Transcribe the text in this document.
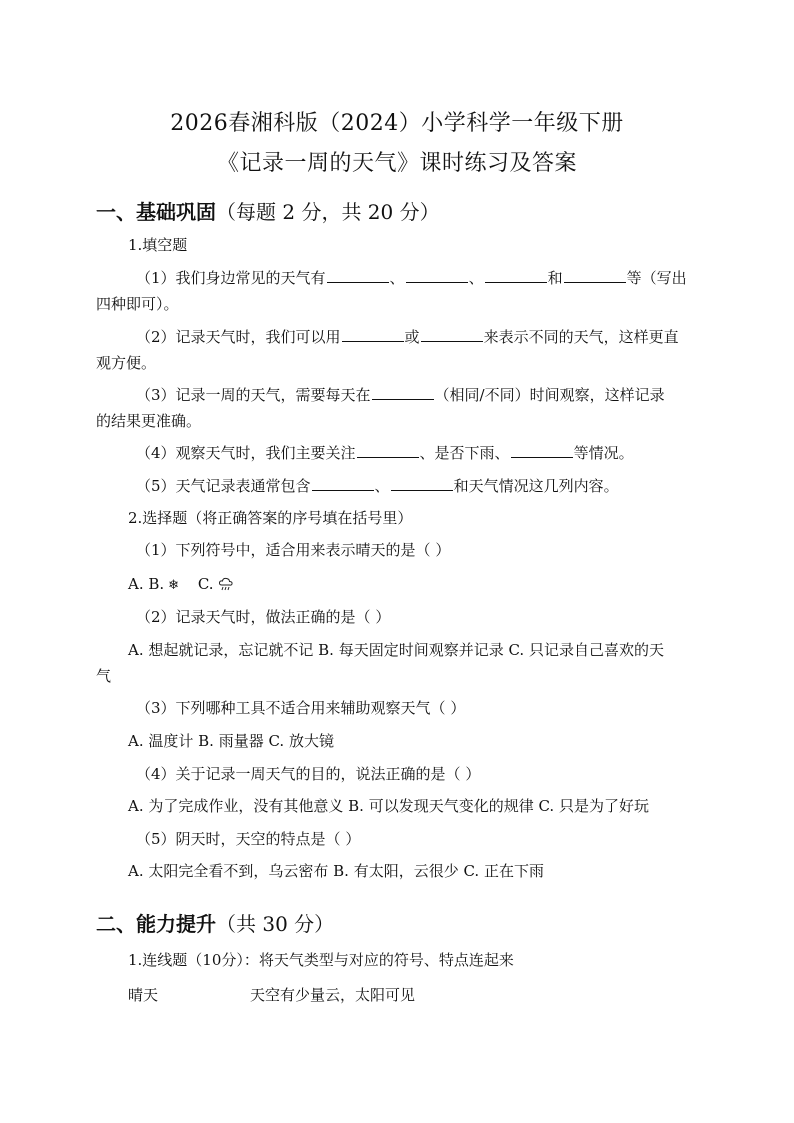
2026春湘科版（2024）小学科学一年级下册
《记录一周的天气》课时练习及答案
一、基础巩固（每题 2 分，共 20 分）
1.填空题
（1）我们身边常见的天气有	、	、	和	等（写出
四种即可）。
（2）记录天气时，我们可以用	或	来表示不同的天气，这样更直
观方便。
（3）记录一周的天气，需要每天在	（相同/不同）时间观察，这样记录
的结果更准确。
（4）观察天气时，我们主要关注	、是否下雨、	等情况。
（5）天气记录表通常包含	、	和天气情况这几列内容。
2.选择题（将正确答案的序号填在括号里）
（1）下列符号中，适合用来表示晴天的是（ ）
A. B. ❄ C.
（2）记录天气时，做法正确的是（ ）
A. 想起就记录，忘记就不记 B. 每天固定时间观察并记录 C. 只记录自己喜欢的天
气
（3）下列哪种工具不适合用来辅助观察天气（ ）
A. 温度计 B. 雨量器 C. 放大镜
（4）关于记录一周天气的目的，说法正确的是（ ）
A. 为了完成作业，没有其他意义 B. 可以发现天气变化的规律 C. 只是为了好玩
（5）阴天时，天空的特点是（ ）
A. 太阳完全看不到，乌云密布 B. 有太阳，云很少 C. 正在下雨
二、能力提升（共 30 分）
1.连线题（10分）：将天气类型与对应的符号、特点连起来
晴天	天空有少量云，太阳可见
